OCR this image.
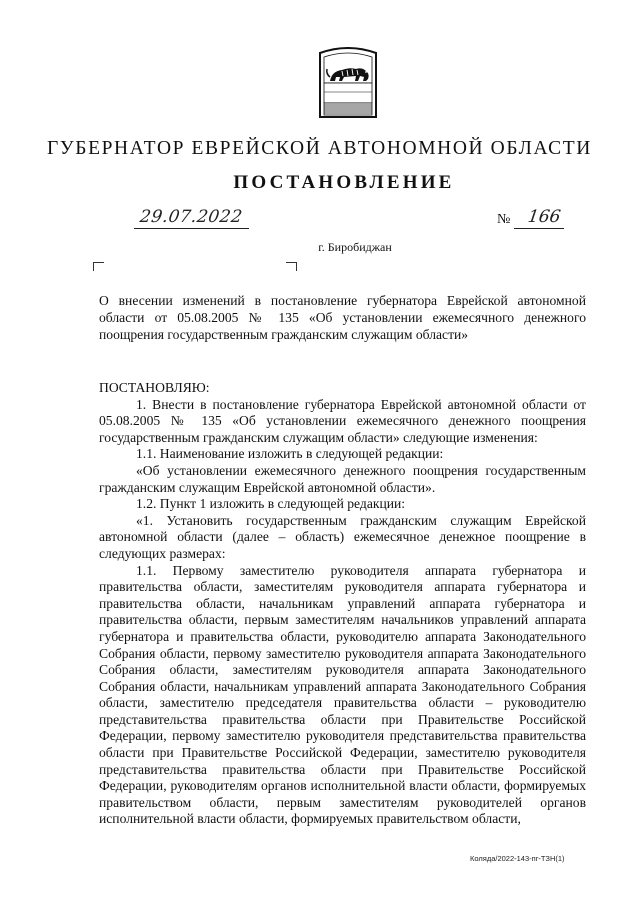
ГУБЕРНАТОР ЕВРЕЙСКОЙ АВТОНОМНОЙ ОБЛАСТИ
ПОСТАНОВЛЕНИЕ
29.07.2022	№ 166
г. Биробиджан
О внесении изменений в постановление губернатора Еврейской автономной области от 05.08.2005 № 135 «Об установлении ежемесячного денежного поощрения государственным гражданским служащим области»

ПОСТАНОВЛЯЮ:

1. Внести в постановление губернатора Еврейской автономной области от 05.08.2005 № 135 «Об установлении ежемесячного денежного поощрения государственным гражданским служащим области» следующие изменения:

1.1. Наименование изложить в следующей редакции:

«Об установлении ежемесячного денежного поощрения государственным гражданским служащим Еврейской автономной области».

1.2. Пункт 1 изложить в следующей редакции:

«1. Установить государственным гражданским служащим Еврейской автономной области (далее – область) ежемесячное денежное поощрение в следующих размерах:

1.1. Первому заместителю руководителя аппарата губернатора и правительства области, заместителям руководителя аппарата губернатора и правительства области, начальникам управлений аппарата губернатора и правительства области, первым заместителям начальников управлений аппарата губернатора и правительства области, руководителю аппарата Законодательного Собрания области, первому заместителю руководителя аппарата Законодательного Собрания области, заместителям руководителя аппарата Законодательного Собрания области, начальникам управлений аппарата Законодательного Собрания области, заместителю председателя правительства области – руководителю представительства правительства области при Правительстве Российской Федерации, первому заместителю руководителя представительства правительства области при Правительстве Российской Федерации, заместителю руководителя представительства правительства области при Правительстве Российской Федерации, руководителям органов исполнительной власти области, формируемых правительством области, первым заместителям руководителей органов исполнительной власти области, формируемых правительством области,

Коляда/2022-143-пг-ТЗН(1)
